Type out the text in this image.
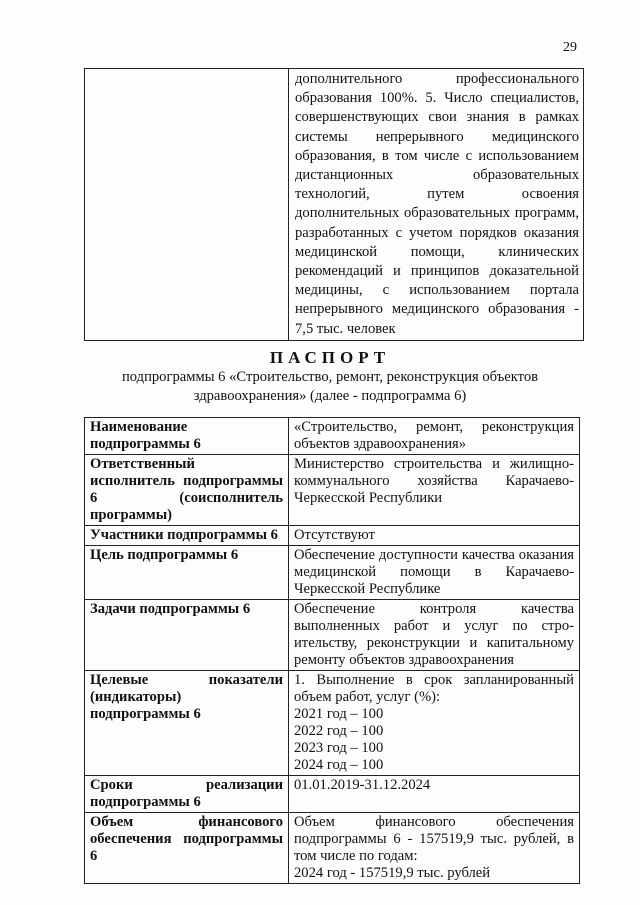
29
	дополнительного профессионального образования 100%. 5. Число специалистов, совершенствующих свои знания в рамках системы непрерывного медицинского образования, в том числе с использованием дистанционных образовательных технологий, путем освоения дополнительных образовательных программ, разработанных с учетом порядков оказания медицинской помощи, клинических рекомендаций и принципов доказательной медицины, с использованием портала непрерывного медицинского образования - 7,5 тыс. человек

ПАСПОРТ

подпрограммы 6 «Строительство, ремонт, реконструкция объектов здравоохранения» (далее - подпрограмма 6)

Наименование подпрограммы 6	«Строительство, ремонт, реконструкция объектов здравоохранения»
Ответственный исполнитель подпрограммы 6 (соисполнитель программы)	Министерство строительства и жилищно-коммунального хозяйства Карачаево-Черкесской Республики
Участники подпрограммы 6	Отсутствуют
Цель подпрограммы 6	Обеспечение доступности качества оказания медицинской помощи в Карачаево-Черкесской Республике
Задачи подпрограммы 6	Обеспечение контроля качества выполненных работ и услуг по стро-ительству, реконструкции и капитальному ремонту объектов здравоохранения
Целевые показатели (индикаторы) подпрограммы 6	1. Выполнение в срок запланированный объем работ, услуг (%):
2021 год – 100
2022 год – 100
2023 год – 100
2024 год – 100

Сроки реализации подпрограммы 6	01.01.2019-31.12.2024
Объем финансового обеспечения подпрограммы 6	Объем финансового обеспечения подпрограммы 6 - 157519,9 тыс. рублей, в том числе по годам:
2024 год - 157519,9 тыс. рублей
